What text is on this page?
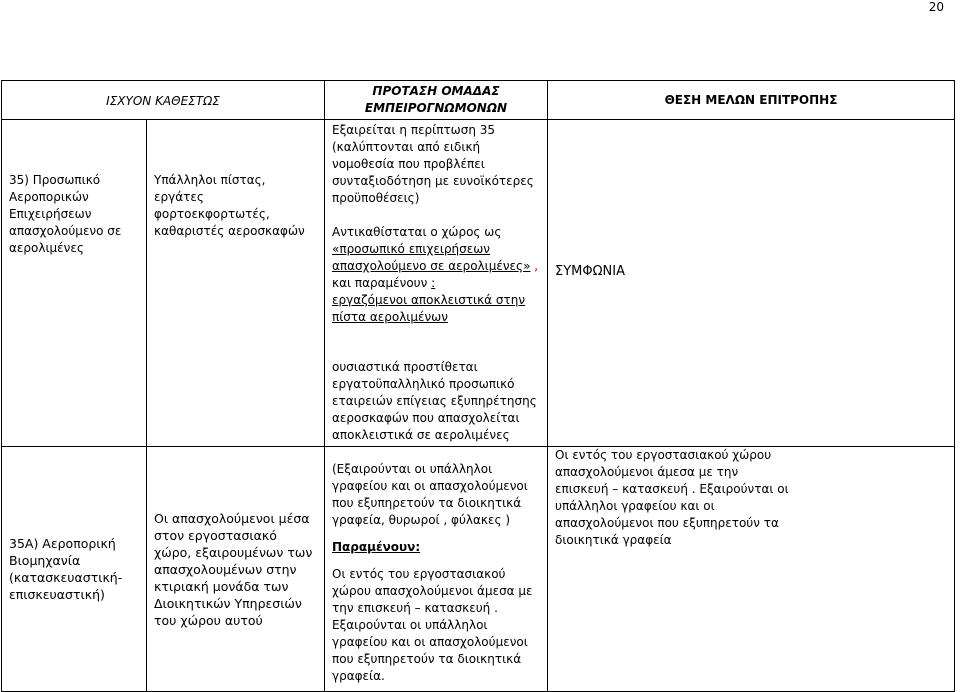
20
ΙΣΧΥΟΝ ΚΑΘΕΣΤΩΣ		ΠΡΟΤΑΣΗ ΟΜΑΔΑΣ
ΕΜΠΕΙΡΟΓΝΩΜΟΝΩΝ	ΘΕΣΗ ΜΕΛΩΝ ΕΠΙΤΡΟΠΗΣ
35) Προσωπικό Αεροπορικών Επιχειρήσεων απασχολούμενο σε αερολιμένες	Υπάλληλοι πίστας, εργάτες φορτοεκφορτωτές, καθαριστές αεροσκαφών	Εξαιρείται η περίπτωση 35 (καλύπτονται από ειδική νομοθεσία που προβλέπει συνταξιοδότηση με ευνοϊκότερες προϋποθέσεις)

Αντικαθίσταται ο χώρος ως «προσωπικό επιχειρήσεων απασχολούμενο σε αερολιμένες» ,

και παραμένουν :

εργαζόμενοι αποκλειστικά στην πίστα αερολιμένων

ουσιαστικά προστίθεται εργατοϋπαλληλικό προσωπικό εταιρειών επίγειας εξυπηρέτησης αεροσκαφών που απασχολείται αποκλειστικά σε αερολιμένες	ΣΥΜΦΩΝΙΑ
35Α) Αεροπορική Βιομηχανία (κατασκευαστική-επισκευαστική)	Οι απασχολούμενοι μέσα στον εργοστασιακό χώρο, εξαιρουμένων των απασχολουμένων στην κτιριακή μονάδα των Διοικητικών Υπηρεσιών του χώρου αυτού	(Εξαιρούνται οι υπάλληλοι γραφείου και οι απασχολούμενοι που εξυπηρετούν τα διοικητικά γραφεία, θυρωροί , φύλακες )

Παραμένουν:

Οι εντός του εργοστασιακού χώρου απασχολούμενοι άμεσα με την επισκευή – κατασκευή . Εξαιρούνται οι υπάλληλοι γραφείου και οι απασχολούμενοι που εξυπηρετούν τα διοικητικά γραφεία.	Οι εντός του εργοστασιακού χώρου απασχολούμενοι άμεσα με την επισκευή – κατασκευή . Εξαιρούνται οι υπάλληλοι γραφείου και οι απασχολούμενοι που εξυπηρετούν τα διοικητικά γραφεία
